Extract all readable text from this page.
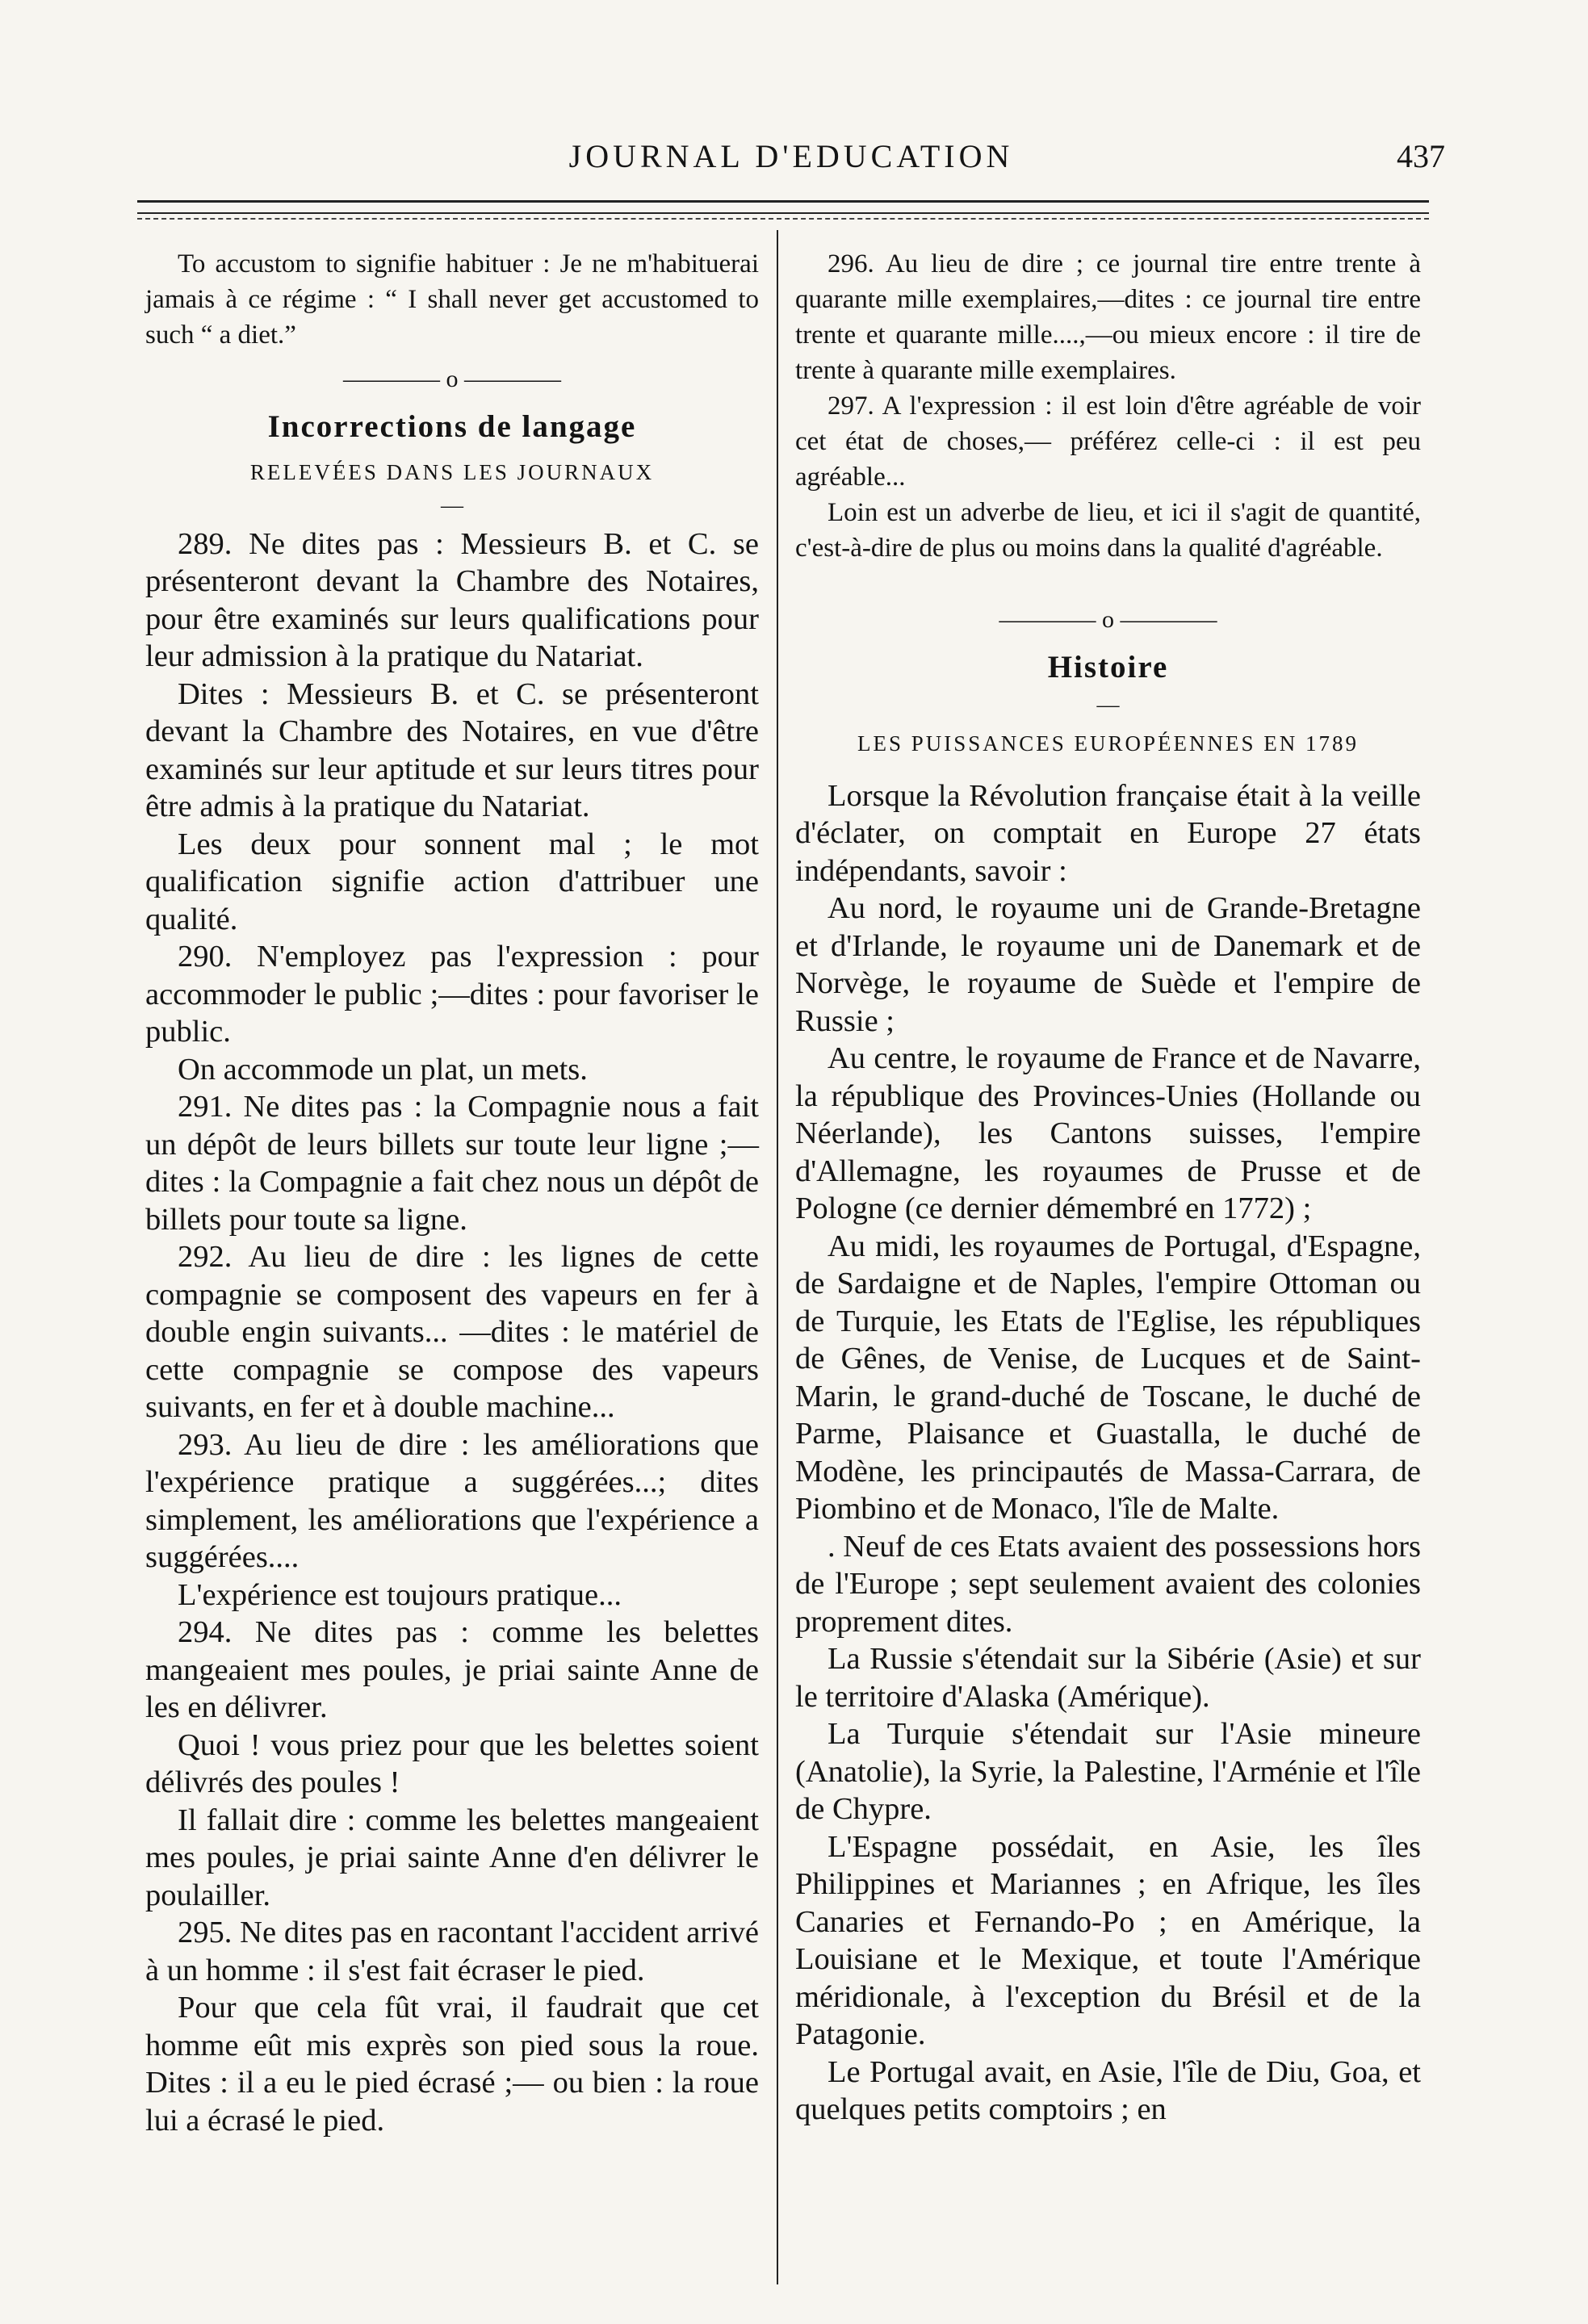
JOURNAL D'EDUCATION	437

To accustom to signifie habituer : Je ne m'habituerai jamais à ce régime : “ I shall never get accustomed to such “ a diet.”

———— o ————
Incorrections de langage
RELEVÉES DANS LES JOURNAUX
—

289. Ne dites pas : Messieurs B. et C. se présenteront devant la Chambre des Notaires, pour être examinés sur leurs qualifications pour leur admission à la pratique du Natariat.

Dites : Messieurs B. et C. se présenteront devant la Chambre des Notaires, en vue d'être examinés sur leur aptitude et sur leurs titres pour être admis à la pratique du Natariat.

Les deux pour sonnent mal ; le mot qualification signifie action d'attribuer une qualité.

290. N'employez pas l'expression : pour accommoder le public ;—dites : pour favoriser le public.

On accommode un plat, un mets.

291. Ne dites pas : la Compagnie nous a fait un dépôt de leurs billets sur toute leur ligne ;—dites : la Compagnie a fait chez nous un dépôt de billets pour toute sa ligne.

292. Au lieu de dire : les lignes de cette compagnie se composent des vapeurs en fer à double engin suivants... —dites : le matériel de cette compagnie se compose des vapeurs suivants, en fer et à double machine...

293. Au lieu de dire : les améliorations que l'expérience pratique a suggérées...; dites simplement, les améliorations que l'expérience a suggérées....

L'expérience est toujours pratique...

294. Ne dites pas : comme les belettes mangeaient mes poules, je priai sainte Anne de les en délivrer.

Quoi ! vous priez pour que les belettes soient délivrés des poules !

Il fallait dire : comme les belettes mangeaient mes poules, je priai sainte Anne d'en délivrer le poulailler.

295. Ne dites pas en racontant l'accident arrivé à un homme : il s'est fait écraser le pied.

Pour que cela fût vrai, il faudrait que cet homme eût mis exprès son pied sous la roue. Dites : il a eu le pied écrasé ;— ou bien : la roue lui a écrasé le pied.

296. Au lieu de dire ; ce journal tire entre trente à quarante mille exemplaires,—dites : ce journal tire entre trente et quarante mille....,—ou mieux encore : il tire de trente à quarante mille exemplaires.

297. A l'expression : il est loin d'être agréable de voir cet état de choses,— préférez celle-ci : il est peu agréable...

Loin est un adverbe de lieu, et ici il s'agit de quantité, c'est-à-dire de plus ou moins dans la qualité d'agréable.

———— o ————
Histoire
—
LES PUISSANCES EUROPÉENNES EN 1789

Lorsque la Révolution française était à la veille d'éclater, on comptait en Europe 27 états indépendants, savoir :

Au nord, le royaume uni de Grande-Bretagne et d'Irlande, le royaume uni de Danemark et de Norvège, le royaume de Suède et l'empire de Russie ;

Au centre, le royaume de France et de Navarre, la république des Provinces-Unies (Hollande ou Néerlande), les Cantons suisses, l'empire d'Allemagne, les royaumes de Prusse et de Pologne (ce dernier démembré en 1772) ;

Au midi, les royaumes de Portugal, d'Espagne, de Sardaigne et de Naples, l'empire Ottoman ou de Turquie, les Etats de l'Eglise, les républiques de Gênes, de Venise, de Lucques et de Saint-Marin, le grand-duché de Toscane, le duché de Parme, Plaisance et Guastalla, le duché de Modène, les principautés de Massa-Carrara, de Piombino et de Monaco, l'île de Malte.

. Neuf de ces Etats avaient des possessions hors de l'Europe ; sept seulement avaient des colonies proprement dites.

La Russie s'étendait sur la Sibérie (Asie) et sur le territoire d'Alaska (Amérique).

La Turquie s'étendait sur l'Asie mineure (Anatolie), la Syrie, la Palestine, l'Arménie et l'île de Chypre.

L'Espagne possédait, en Asie, les îles Philippines et Mariannes ; en Afrique, les îles Canaries et Fernando-Po ; en Amérique, la Louisiane et le Mexique, et toute l'Amérique méridionale, à l'exception du Brésil et de la Patagonie.

Le Portugal avait, en Asie, l'île de Diu, Goa, et quelques petits comptoirs ; en
